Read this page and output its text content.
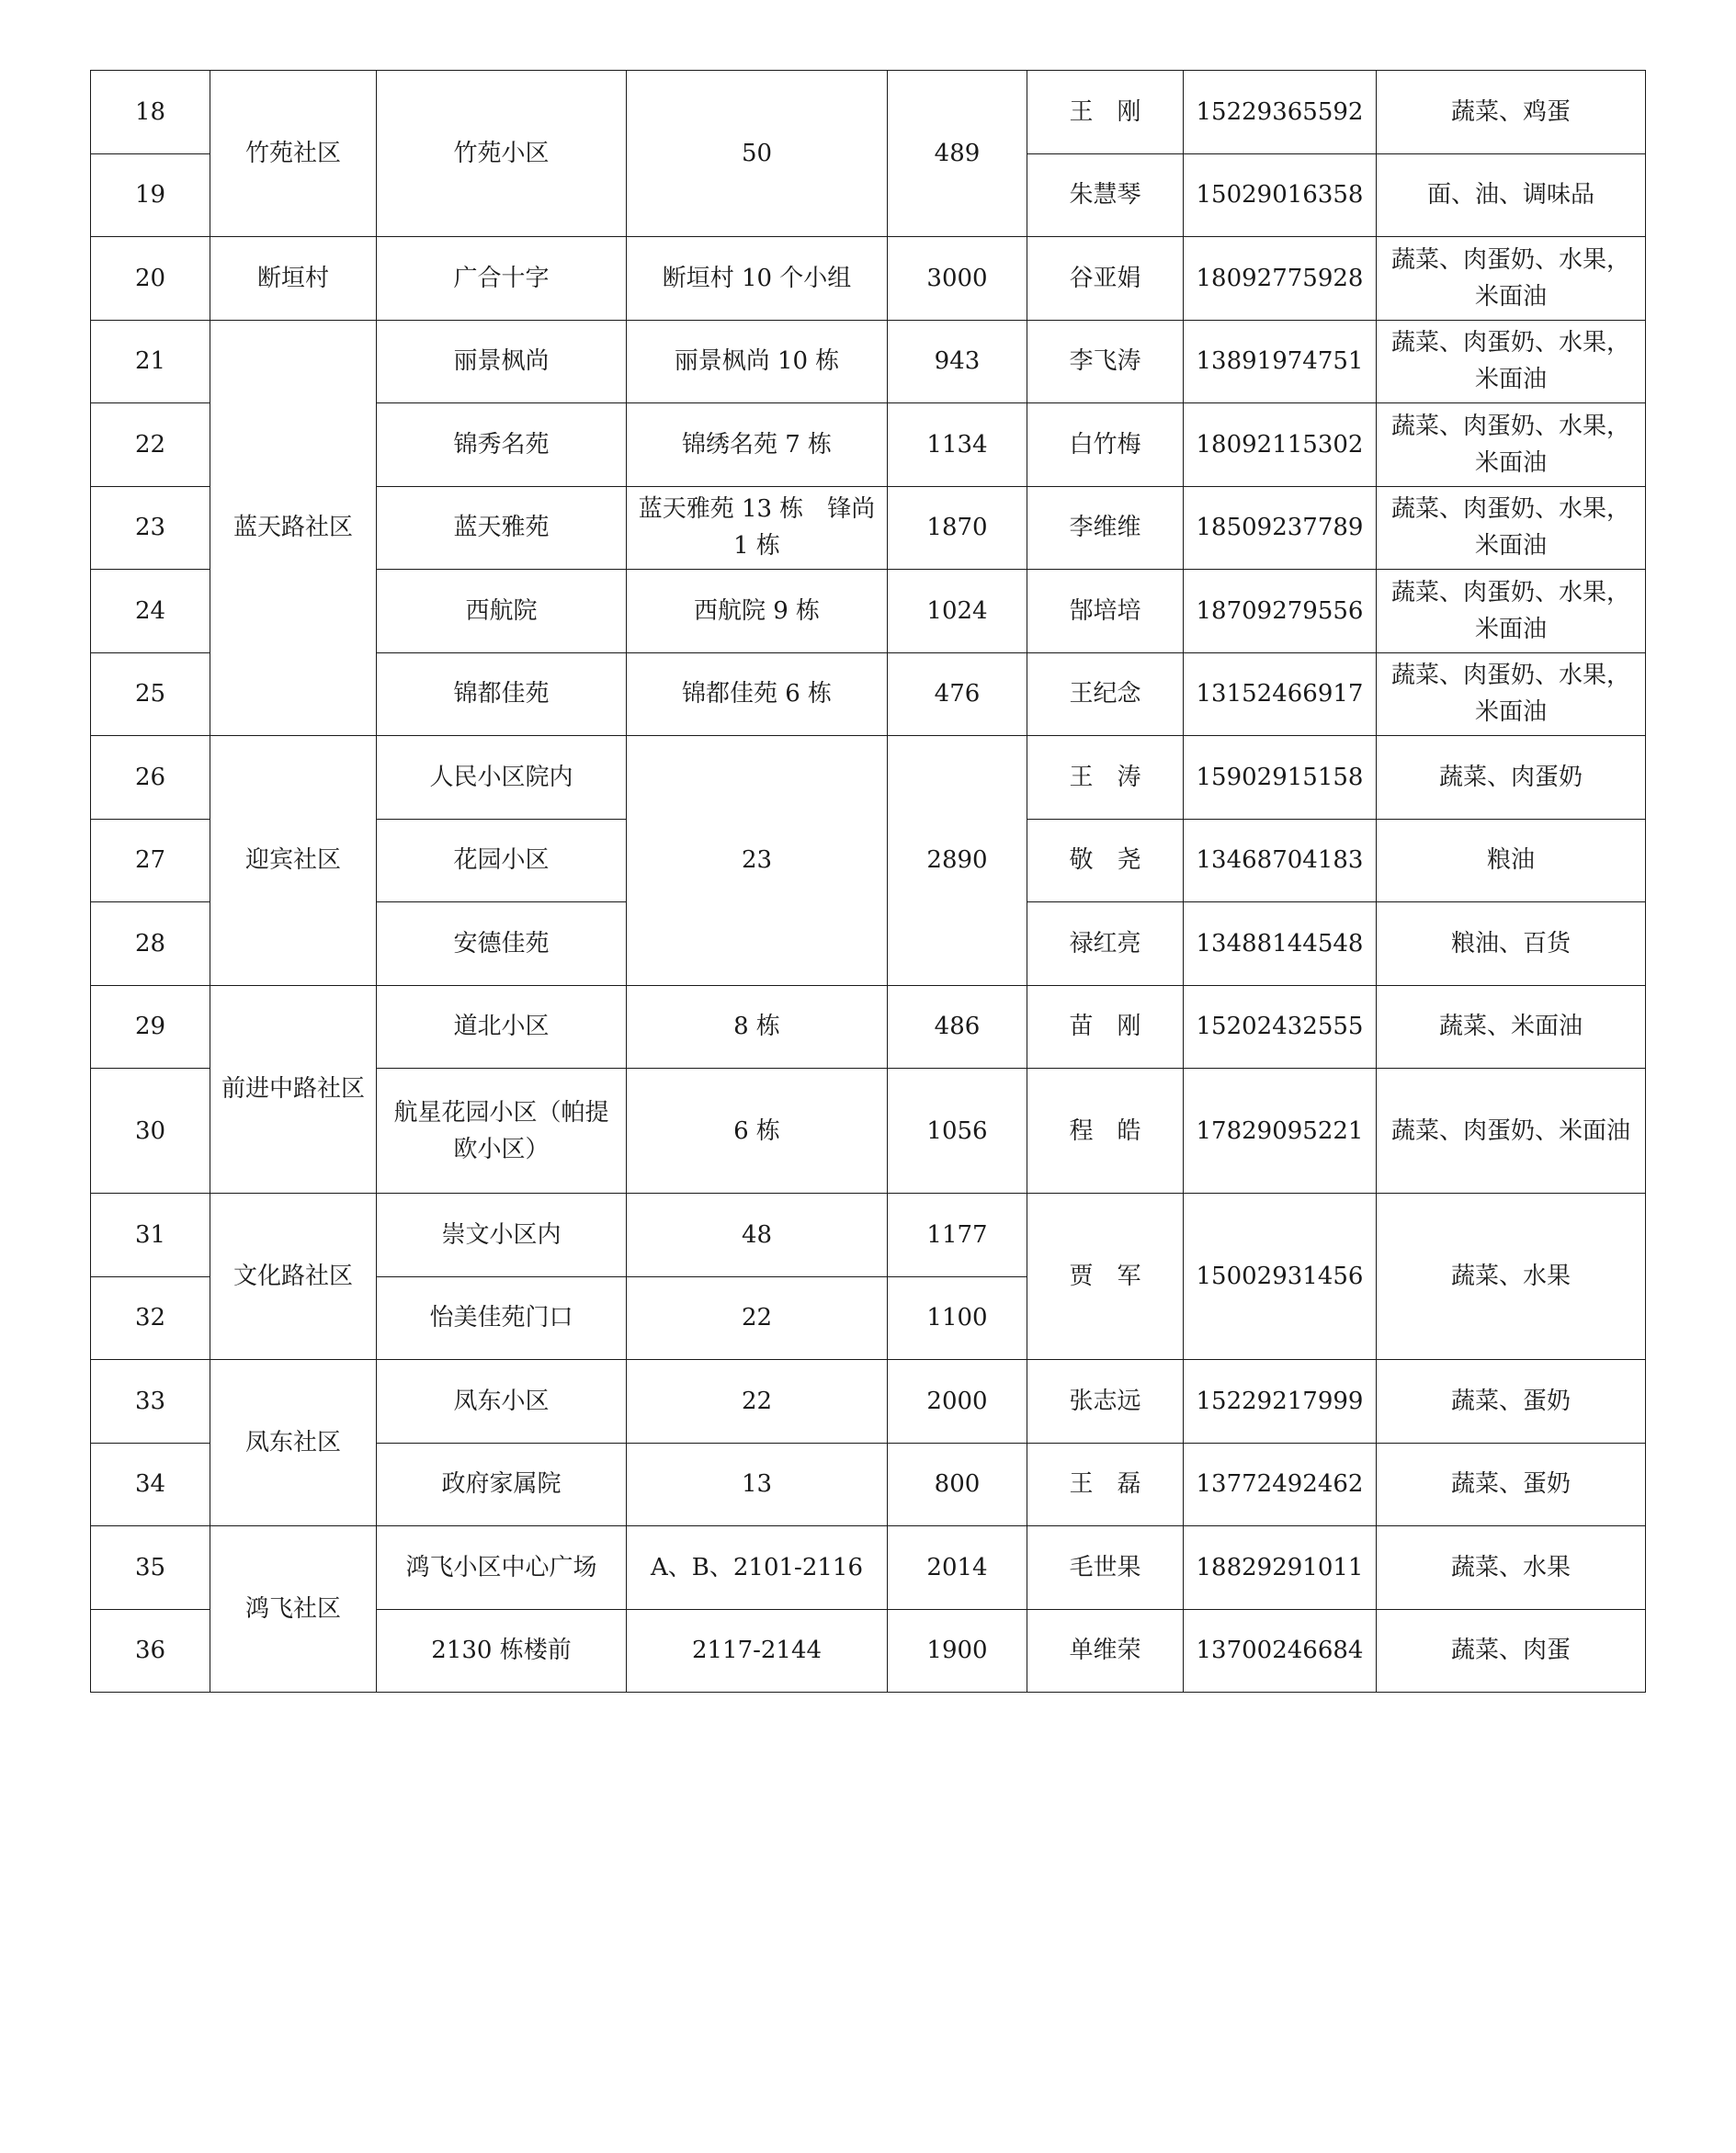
18	竹苑社区	竹苑小区	50	489	王　刚	15229365592	蔬菜、鸡蛋
19					朱慧琴	15029016358	面、油、调味品
20	断垣村	广合十字	断垣村 10 个小组	3000	谷亚娟	18092775928	蔬菜、肉蛋奶、水果，米面油
21	蓝天路社区	丽景枫尚	丽景枫尚 10 栋	943	李飞涛	13891974751	蔬菜、肉蛋奶、水果，米面油
22		锦秀名苑	锦绣名苑 7 栋	1134	白竹梅	18092115302	蔬菜、肉蛋奶、水果，米面油
23		蓝天雅苑	蓝天雅苑 13 栋　锋尚 1 栋	1870	李维维	18509237789	蔬菜、肉蛋奶、水果，米面油
24		西航院	西航院 9 栋	1024	郜培培	18709279556	蔬菜、肉蛋奶、水果，米面油
25		锦都佳苑	锦都佳苑 6 栋	476	王纪念	13152466917	蔬菜、肉蛋奶、水果，米面油
26	迎宾社区	人民小区院内	23	2890	王　涛	15902915158	蔬菜、肉蛋奶
27		花园小区			敬　尧	13468704183	粮油
28		安德佳苑			禄红亮	13488144548	粮油、百货
29	前进中路社区	道北小区	8 栋	486	苗　刚	15202432555	蔬菜、米面油
30		航星花园小区（帕提欧小区）	6 栋	1056	程　皓	17829095221	蔬菜、肉蛋奶、米面油
31	文化路社区	崇文小区内	48	1177	贾　军	15002931456	蔬菜、水果
32		怡美佳苑门口	22	1100			
33	凤东社区	凤东小区	22	2000	张志远	15229217999	蔬菜、蛋奶
34		政府家属院	13	800	王　磊	13772492462	蔬菜、蛋奶
35	鸿飞社区	鸿飞小区中心广场	A、B、2101-2116	2014	毛世果	18829291011	蔬菜、水果
36		2130 栋楼前	2117-2144	1900	单维荣	13700246684	蔬菜、肉蛋
